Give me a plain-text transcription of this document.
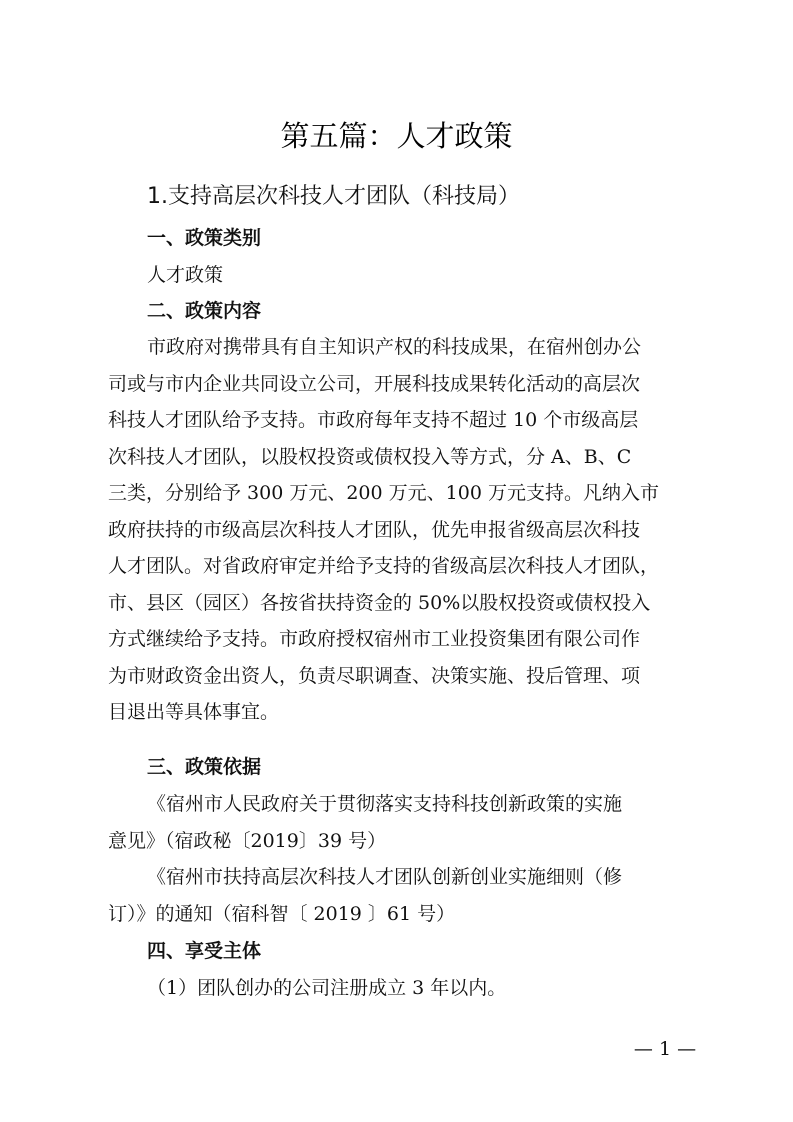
第五篇：人才政策
1.支持高层次科技人才团队（科技局）
一、政策类别
人才政策
二、政策内容
市政府对携带具有自主知识产权的科技成果，在宿州创办公
司或与市内企业共同设立公司，开展科技成果转化活动的高层次
科技人才团队给予支持。市政府每年支持不超过 10 个市级高层
次科技人才团队，以股权投资或债权投入等方式，分 A、B、C
三类，分别给予 300 万元、200 万元、100 万元支持。凡纳入市
政府扶持的市级高层次科技人才团队，优先申报省级高层次科技
人才团队。对省政府审定并给予支持的省级高层次科技人才团队，
市、县区（园区）各按省扶持资金的 50%以股权投资或债权投入
方式继续给予支持。市政府授权宿州市工业投资集团有限公司作
为市财政资金出资人，负责尽职调查、决策实施、投后管理、项
目退出等具体事宜。
三、政策依据
《宿州市人民政府关于贯彻落实支持科技创新政策的实施
意见》（宿政秘〔2019〕39 号）
《宿州市扶持高层次科技人才团队创新创业实施细则（修
订）》的通知（宿科智〔 2019 〕61 号）
四、享受主体
（1）团队创办的公司注册成立 3 年以内。
— 1 —
